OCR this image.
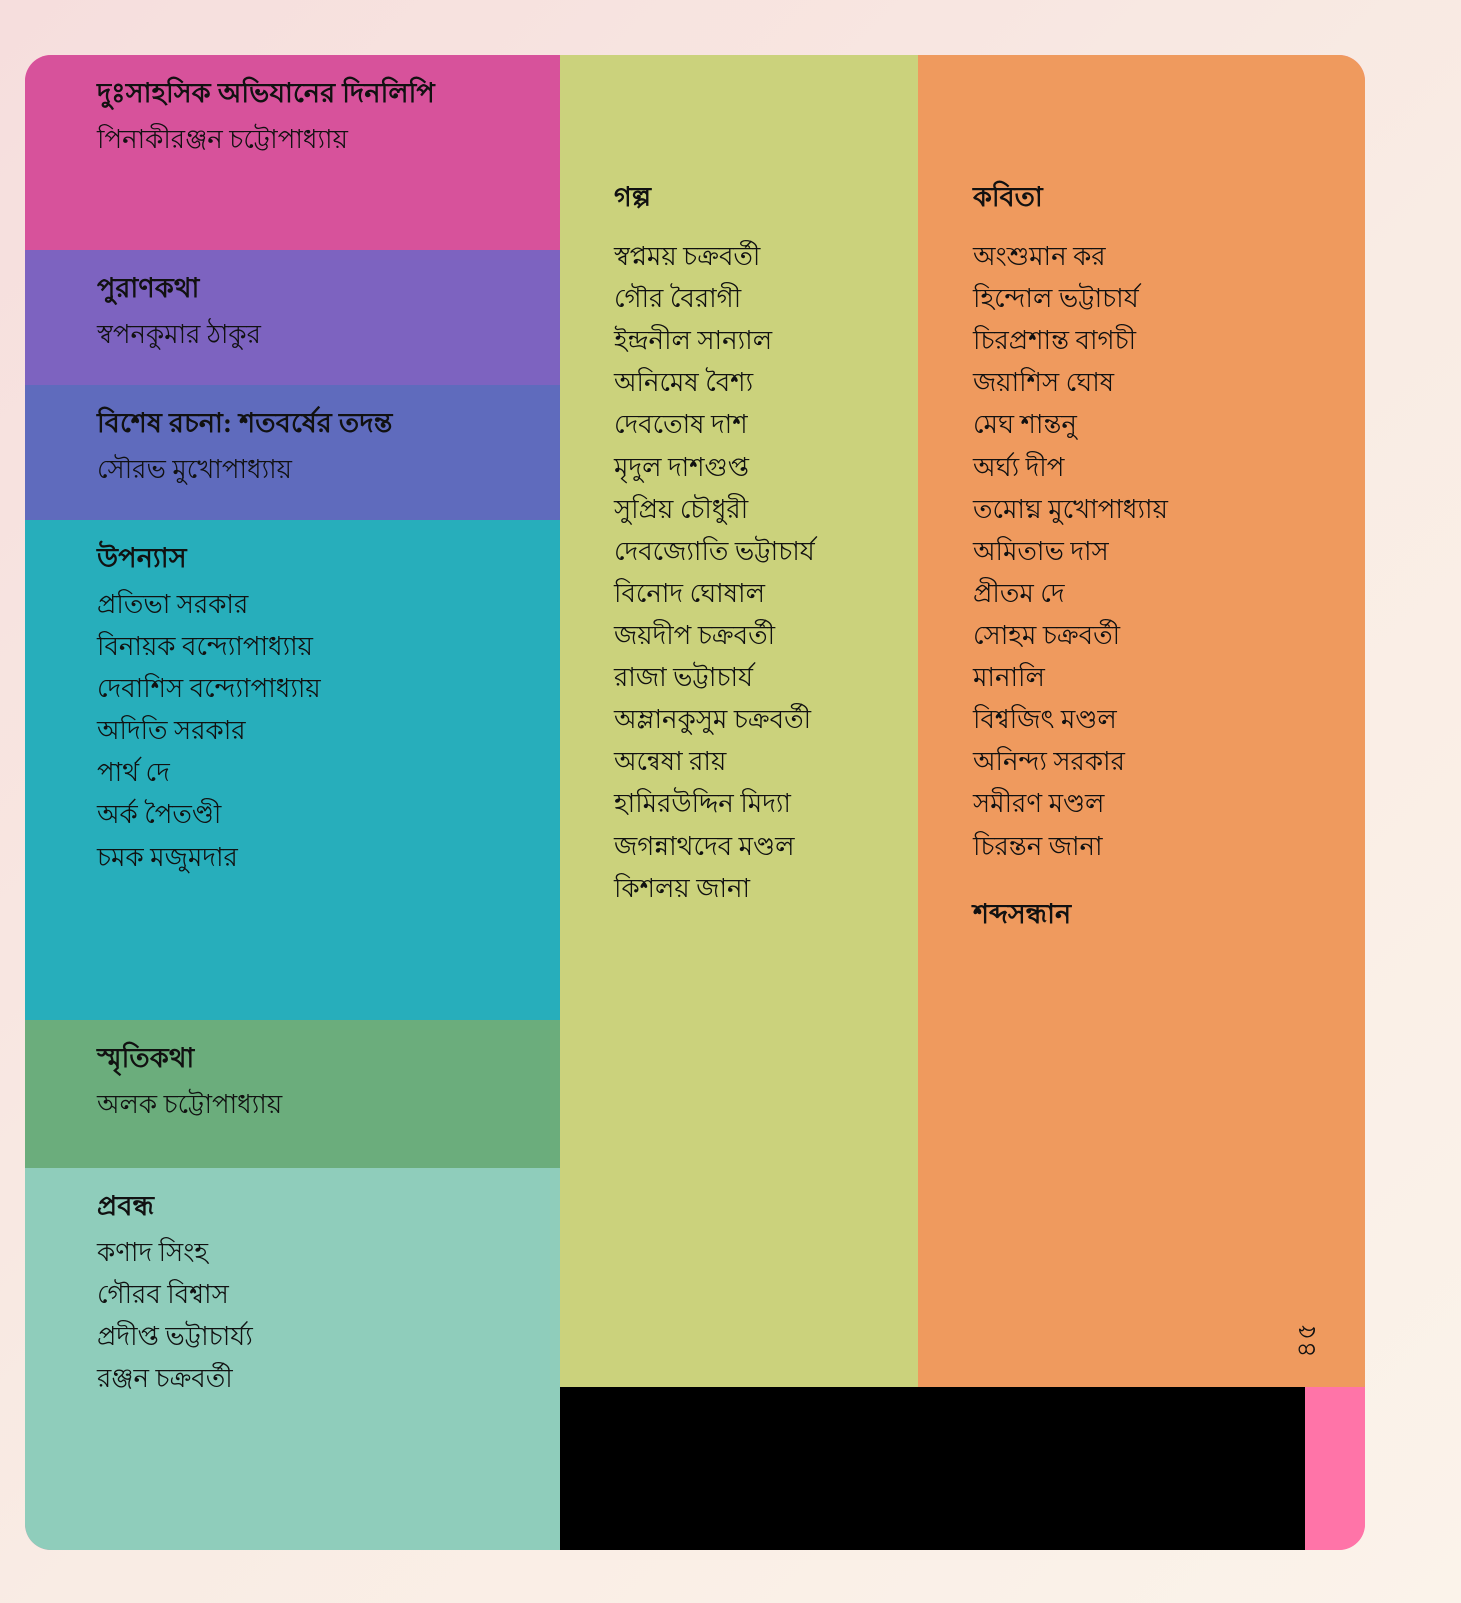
দুঃসাহসিক অভিযানের দিনলিপি
পিনাকীরঞ্জন চট্টোপাধ্যায়
পুরাণকথা
স্বপনকুমার ঠাকুর
বিশেষ রচনা: শতবর্ষের তদন্ত
সৌরভ মুখোপাধ্যায়
উপন্যাস
প্রতিভা সরকার
বিনায়ক বন্দ্যোপাধ্যায়
দেবাশিস বন্দ্যোপাধ্যায়
অদিতি সরকার
পার্থ দে
অর্ক পৈতণ্ডী
চমক মজুমদার
স্মৃতিকথা
অলক চট্টোপাধ্যায়
প্রবন্ধ
কণাদ সিংহ
গৌরব বিশ্বাস
প্রদীপ্ত ভট্টাচার্য্য
রঞ্জন চক্রবর্তী
গল্প
স্বপ্নময় চক্রবর্তী
গৌর বৈরাগী
ইন্দ্রনীল সান্যাল
অনিমেষ বৈশ্য
দেবতোষ দাশ
মৃদুল দাশগুপ্ত
সুপ্রিয় চৌধুরী
দেবজ্যোতি ভট্টাচার্য
বিনোদ ঘোষাল
জয়দীপ চক্রবর্তী
রাজা ভট্টাচার্য
অম্লানকুসুম চক্রবর্তী
অন্বেষা রায়
হামিরউদ্দিন মিদ্যা
জগন্নাথদেব মণ্ডল
কিশলয় জানা
কবিতা
অংশুমান কর
হিন্দোল ভট্টাচার্য
চিরপ্রশান্ত বাগচী
জয়াশিস ঘোষ
মেঘ শান্তনু
অর্ঘ্য দীপ
তমোঘ্ন মুখোপাধ্যায়
অমিতাভ দাস
প্রীতম দে
সোহম চক্রবর্তী
মানালি
বিশ্বজিৎ মণ্ডল
অনিন্দ্য সরকার
সমীরণ মণ্ডল
চিরন্তন জানা
শব্দসন্ধান
৪৫
